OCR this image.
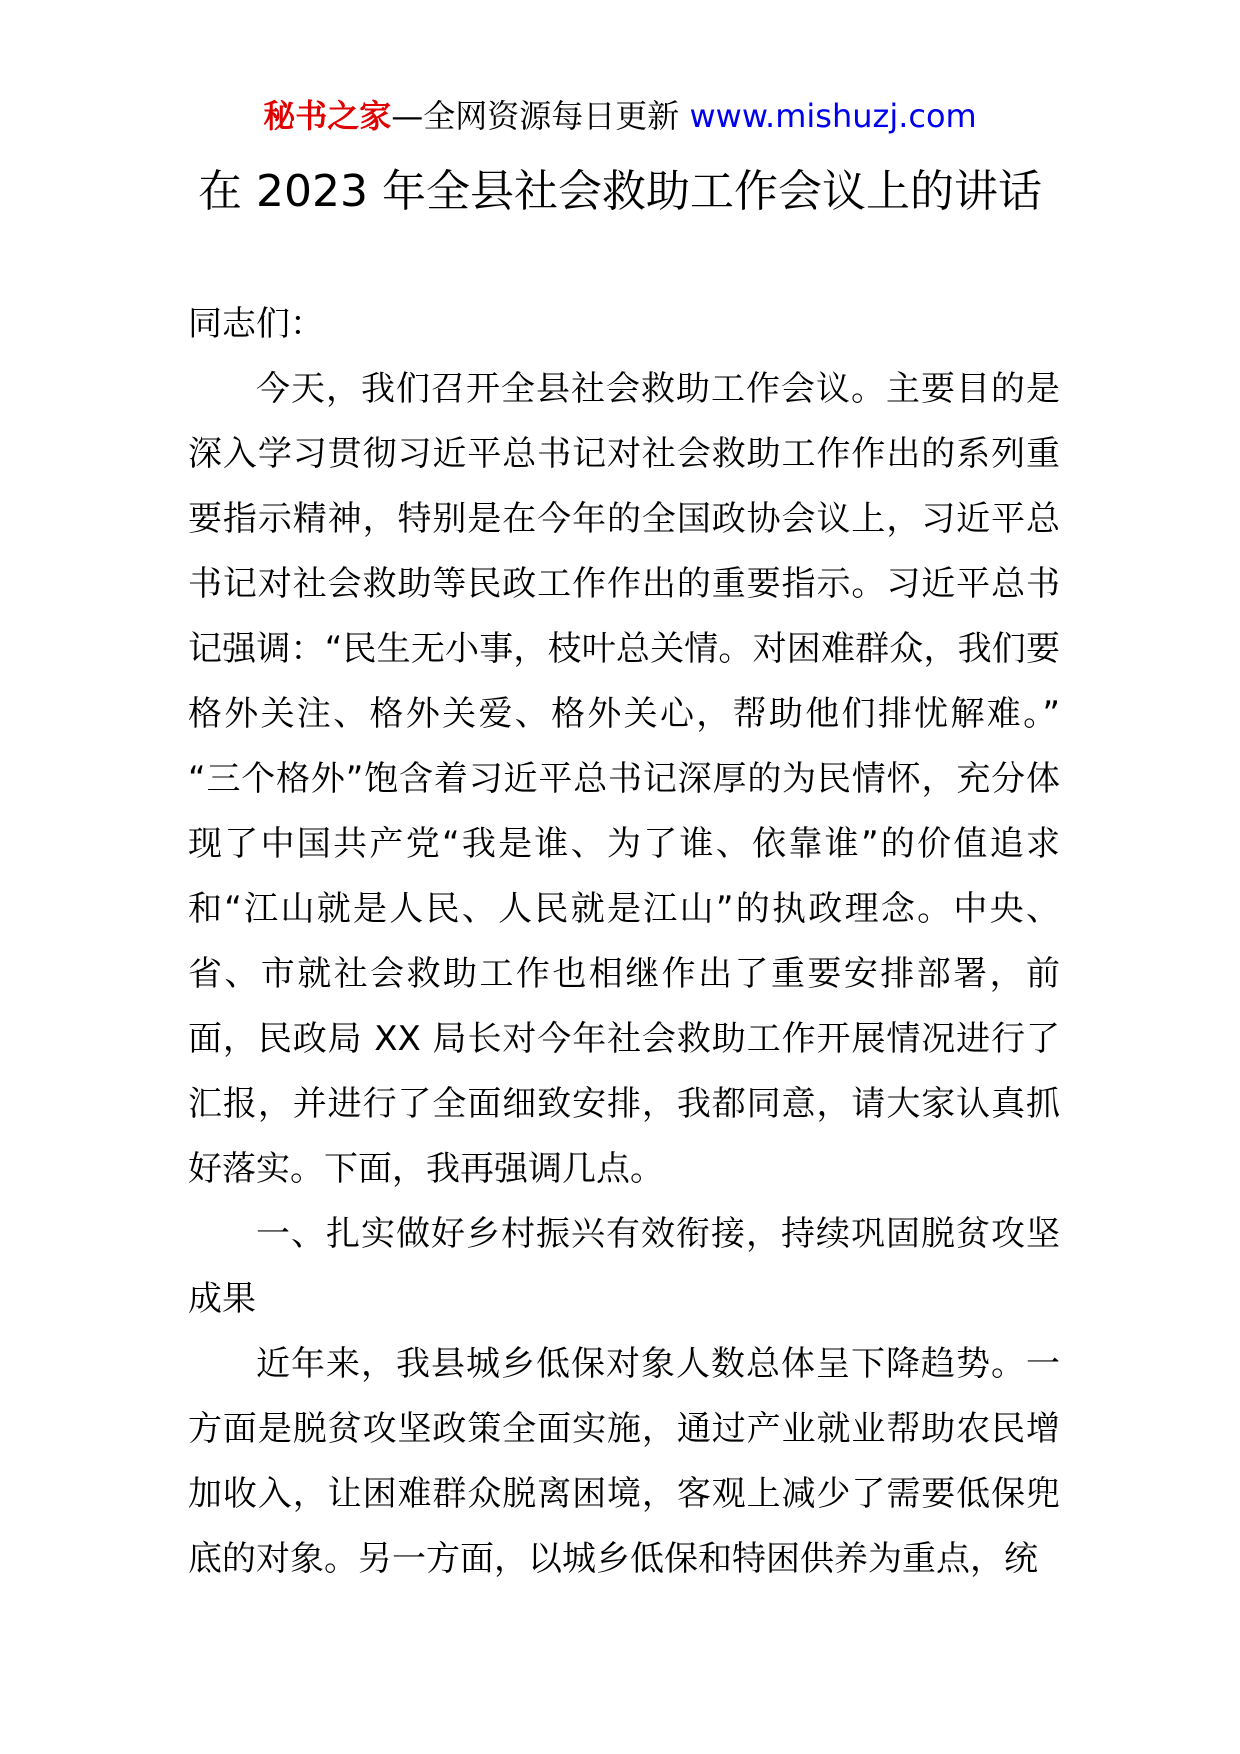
秘书之家—全网资源每日更新 www.mishuzj.com
在 2023 年全县社会救助工作会议上的讲话

同志们：

今天，我们召开全县社会救助工作会议。主要目的是深入学习贯彻习近平总书记对社会救助工作作出的系列重要指示精神，特别是在今年的全国政协会议上，习近平总书记对社会救助等民政工作作出的重要指示。习近平总书记强调：“民生无小事，枝叶总关情。对困难群众，我们要格外关注、格外关爱、格外关心，帮助他们排忧解难。” “三个格外”饱含着习近平总书记深厚的为民情怀，充分体现了中国共产党“我是谁、为了谁、依靠谁”的价值追求和“江山就是人民、人民就是江山”的执政理念。中央、省、市就社会救助工作也相继作出了重要安排部署，前面，民政局 XX 局长对今年社会救助工作开展情况进行了汇报，并进行了全面细致安排，我都同意，请大家认真抓好落实。下面，我再强调几点。

一、扎实做好乡村振兴有效衔接，持续巩固脱贫攻坚成果

近年来，我县城乡低保对象人数总体呈下降趋势。一方面是脱贫攻坚政策全面实施，通过产业就业帮助农民增加收入，让困难群众脱离困境，客观上减少了需要低保兜底的对象。另一方面，以城乡低保和特困供养为重点，统
